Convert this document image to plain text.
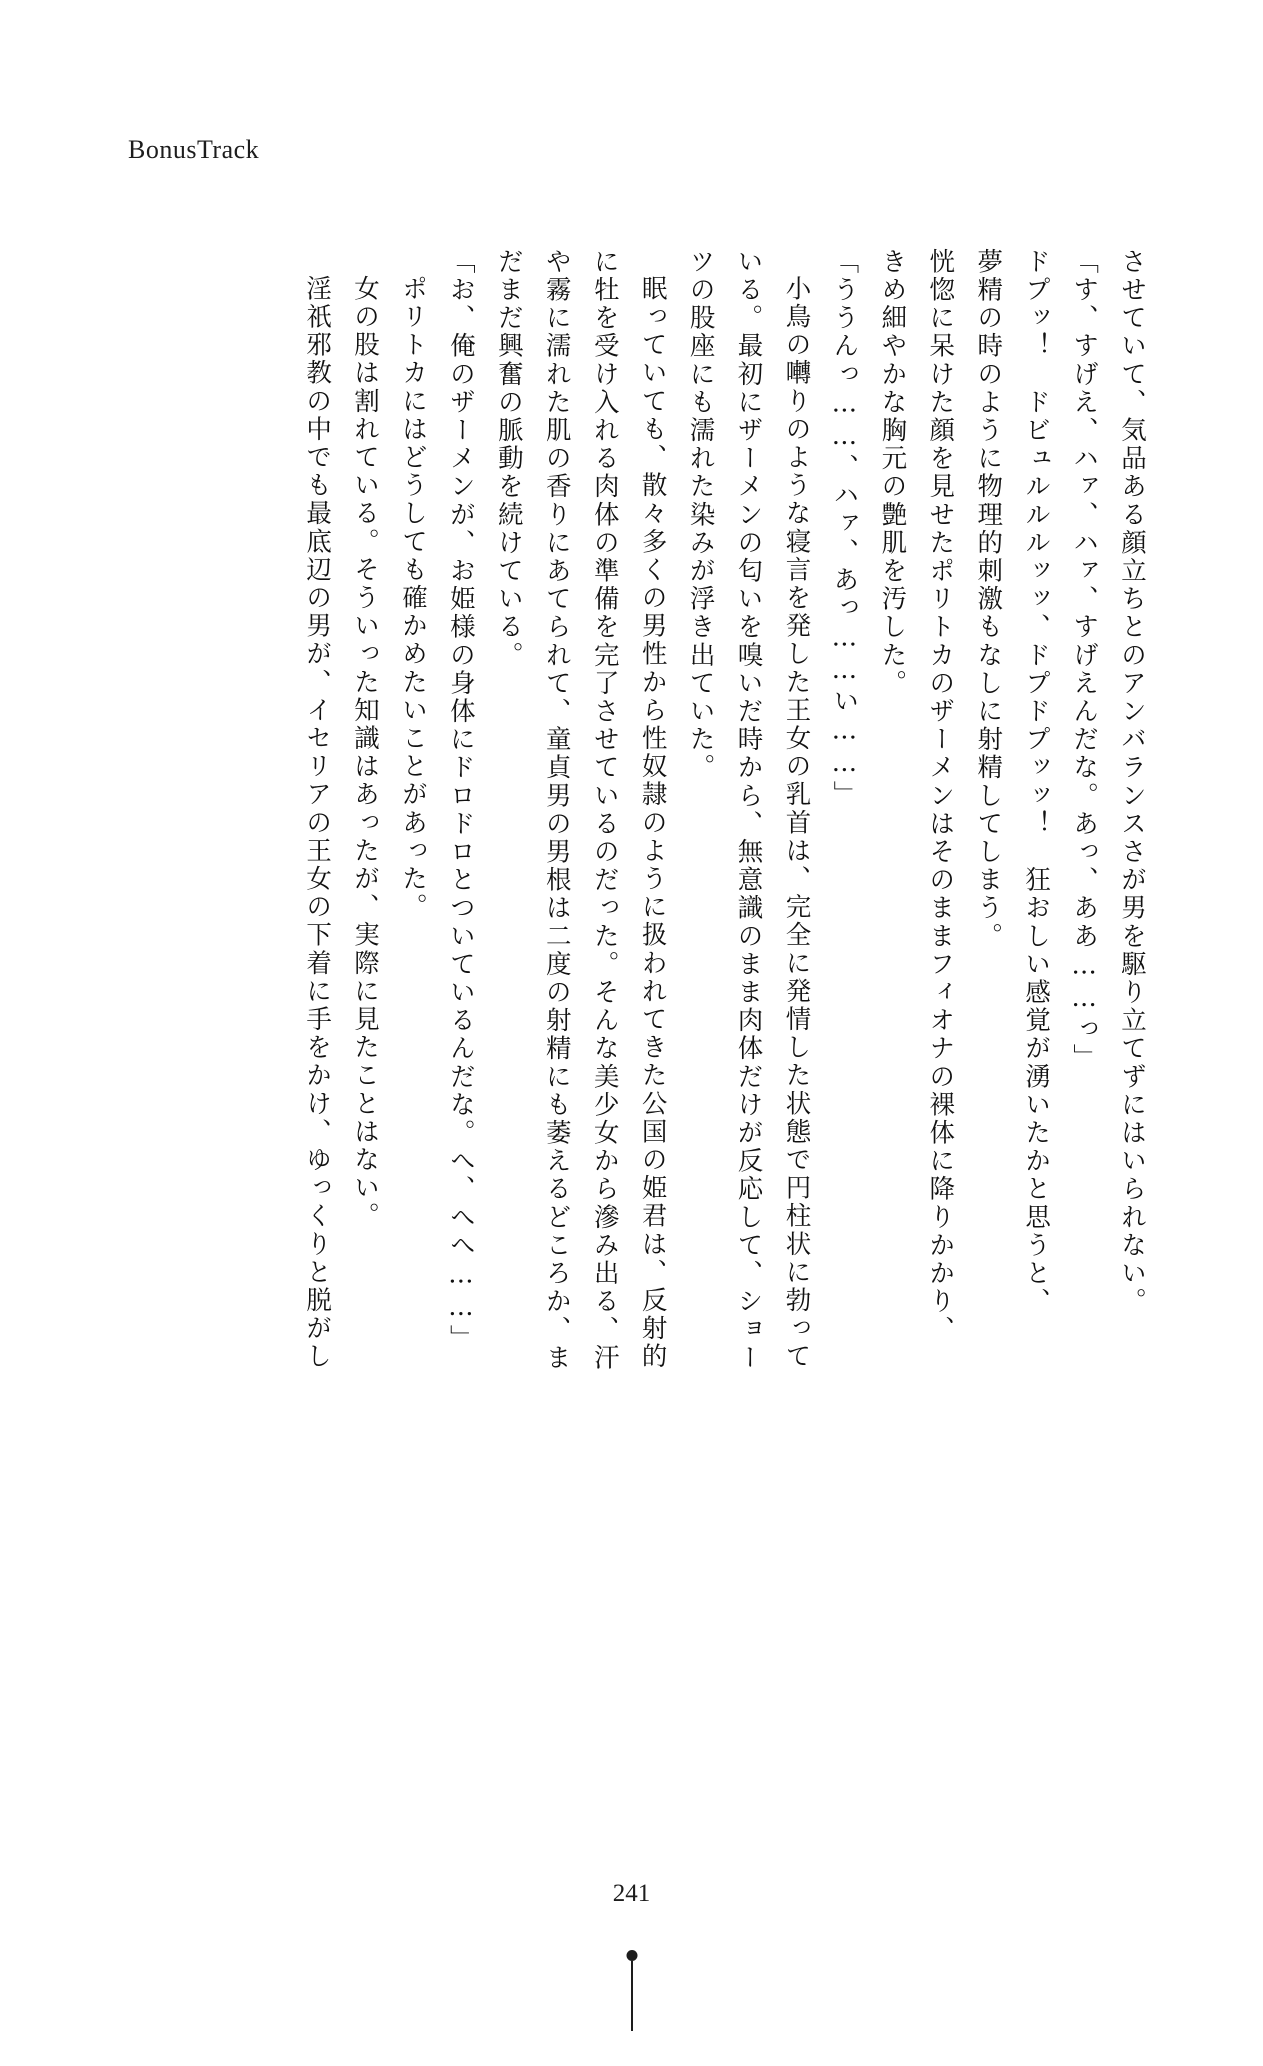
BonusTrack

させていて、気品ある顔立ちとのアンバランスさが男を駆り立てずにはいられない。

「す、すげえ、ハァ、ハァ、すげえんだな。あっ、ああ……っ」

ドプッ！　ドビュルルルッッ、ドプドプッッ！　狂おしい感覚が湧いたかと思うと、

夢精の時のように物理的刺激もなしに射精してしまう。

恍惚に呆けた顔を見せたポリトカのザーメンはそのままフィオナの裸体に降りかかり、

きめ細やかな胸元の艶肌を汚した。

「ううんっ……、ハァ、あっ……い……」

小鳥の囀りのような寝言を発した王女の乳首は、完全に発情した状態で円柱状に勃って

いる。最初にザーメンの匂いを嗅いだ時から、無意識のまま肉体だけが反応して、ショー

ツの股座にも濡れた染みが浮き出ていた。

眠っていても、散々多くの男性から性奴隷のように扱われてきた公国の姫君は、反射的

に牡を受け入れる肉体の準備を完了させているのだった。そんな美少女から滲み出る、汗

や霧に濡れた肌の香りにあてられて、童貞男の男根は二度の射精にも萎えるどころか、ま

だまだ興奮の脈動を続けている。

「お、俺のザーメンが、お姫様の身体にドロドロとついているんだな。へ、へへ……」

ポリトカにはどうしても確かめたいことがあった。

女の股は割れている。そういった知識はあったが、実際に見たことはない。

淫祇邪教の中でも最底辺の男が、イセリアの王女の下着に手をかけ、ゆっくりと脱がし

241
